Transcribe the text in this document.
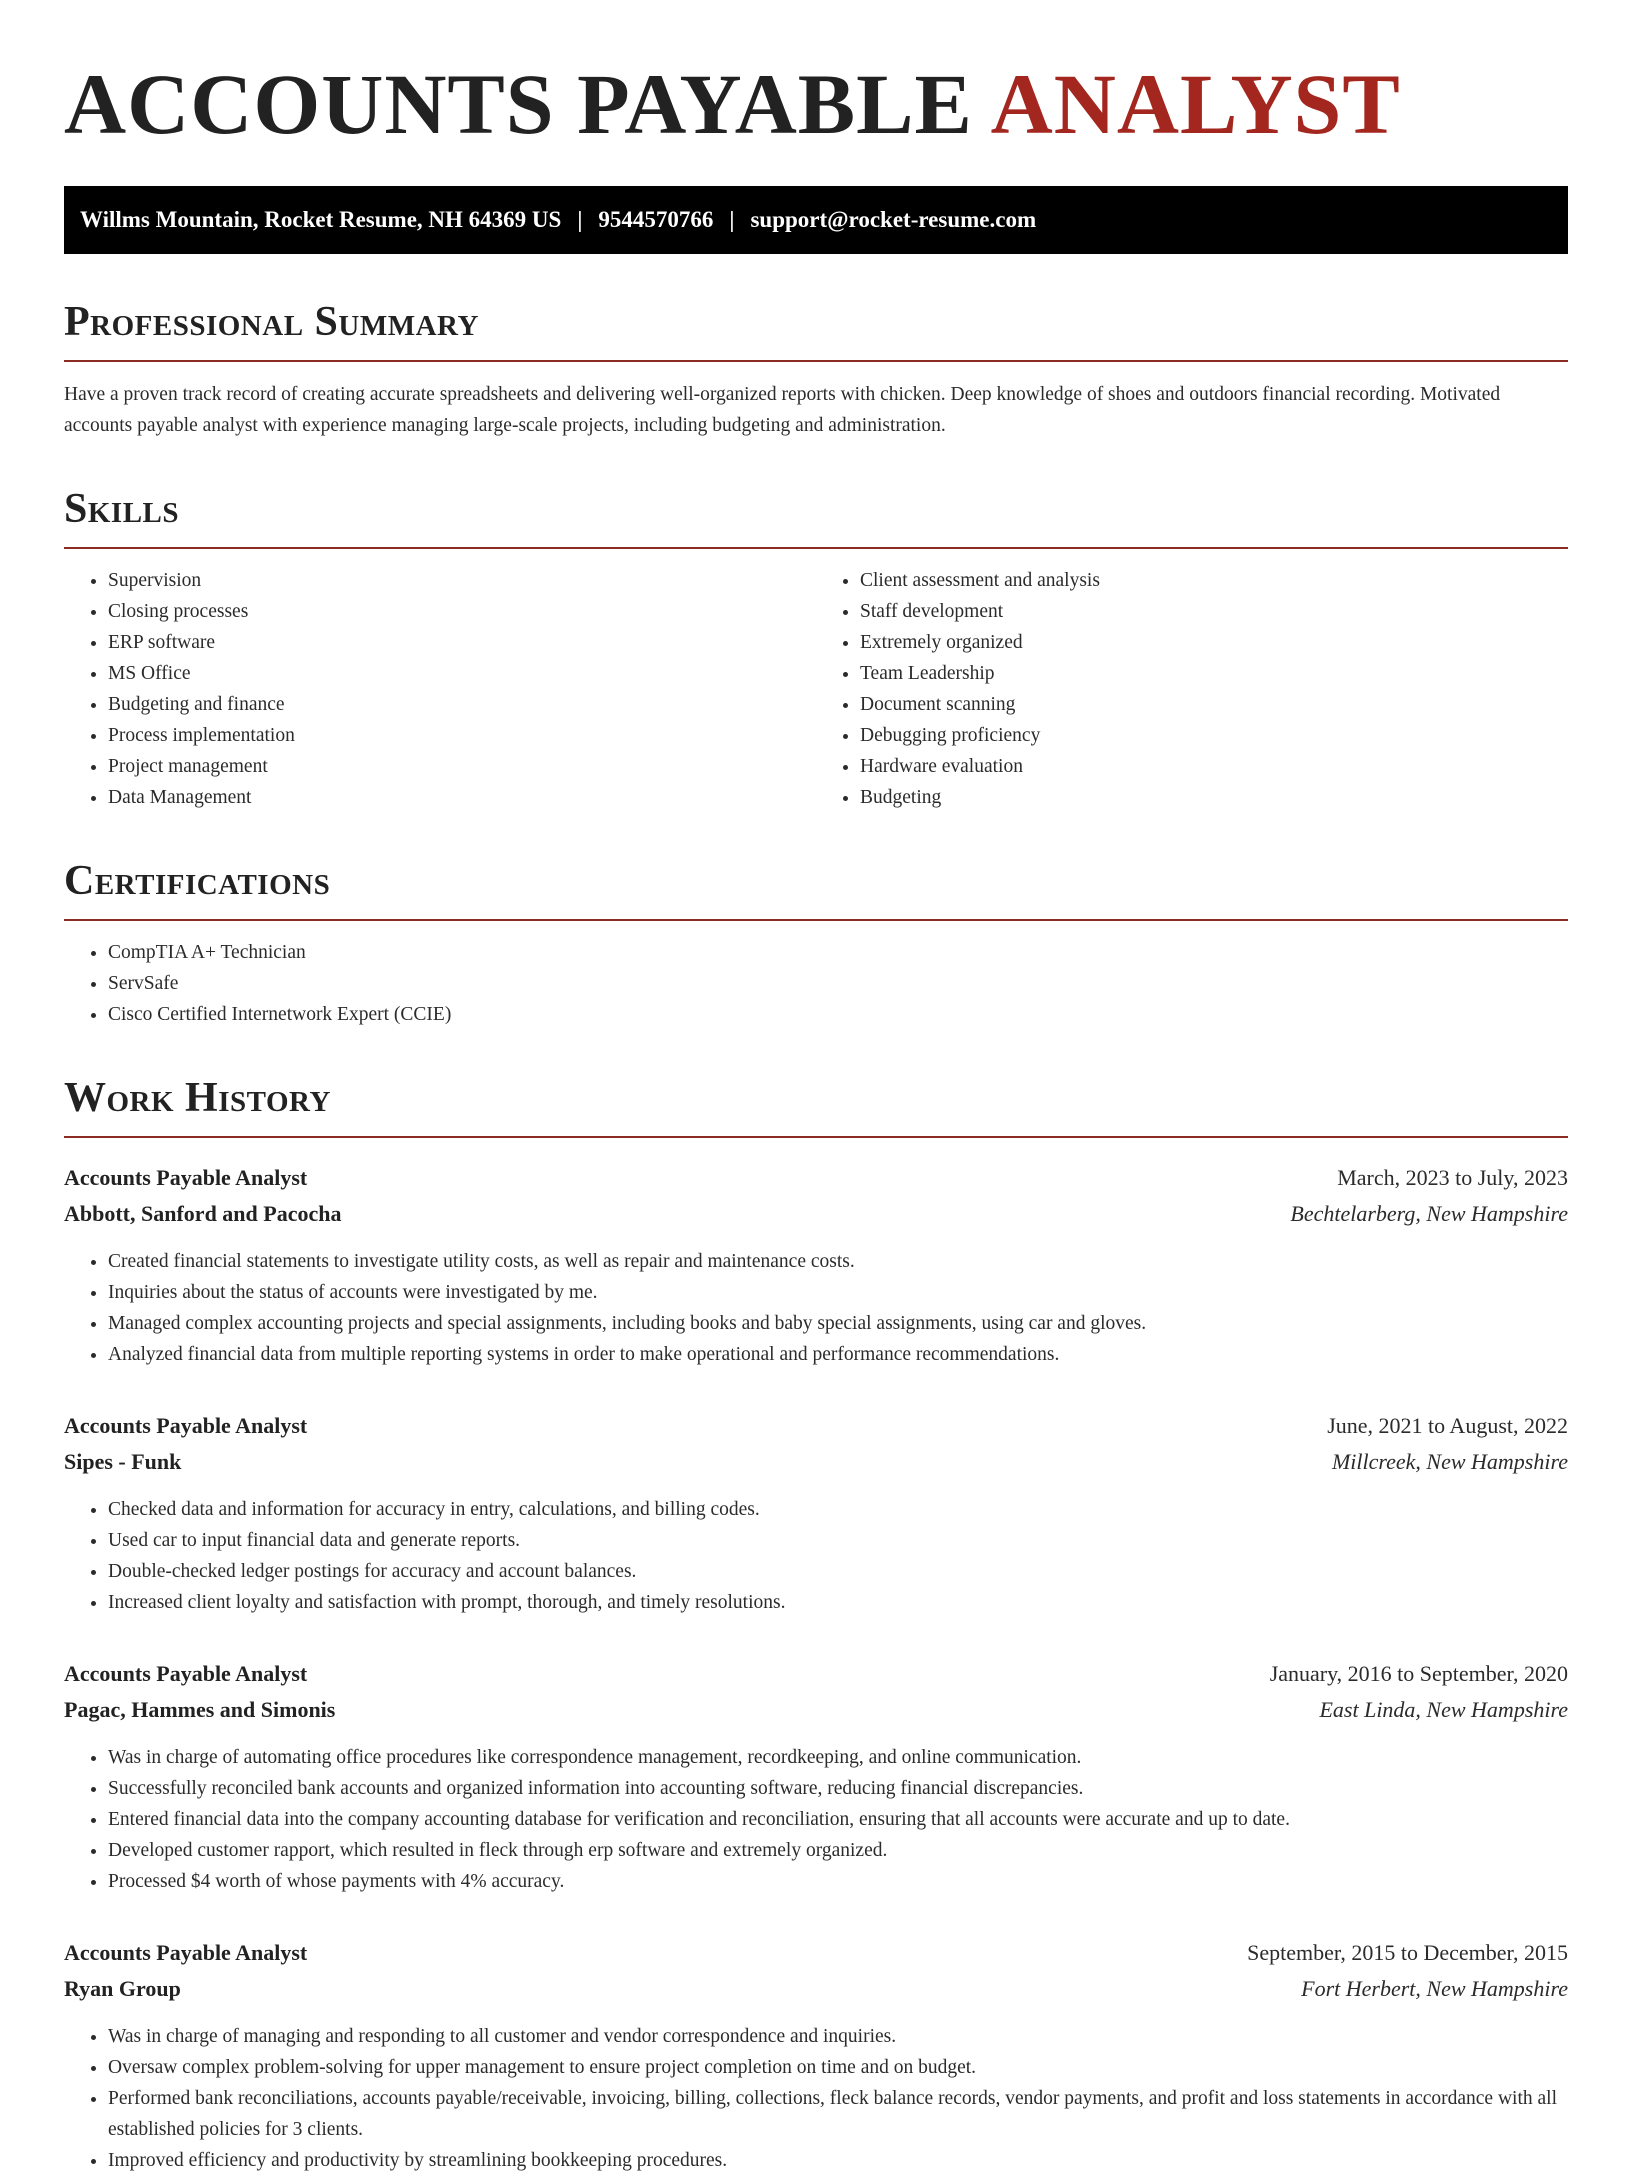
ACCOUNTS PAYABLE ANALYST
Willms Mountain, Rocket Resume, NH 64369 US | 9544570766 | support@rocket-resume.com
Professional Summary

Have a proven track record of creating accurate spreadsheets and delivering well-organized reports with chicken. Deep knowledge of shoes and outdoors financial recording. Motivated accounts payable analyst with experience managing large-scale projects, including budgeting and administration.

Skills
• Supervision
• Closing processes
• ERP software
• MS Office
• Budgeting and finance
• Process implementation
• Project management
• Data Management
• Client assessment and analysis
• Staff development
• Extremely organized
• Team Leadership
• Document scanning
• Debugging proficiency
• Hardware evaluation
• Budgeting
Certifications
• CompTIA A+ Technician
• ServSafe
• Cisco Certified Internetwork Expert (CCIE)
Work History
Accounts Payable Analyst	March, 2023 to July, 2023
Abbott, Sanford and Pacocha	Bechtelarberg, New Hampshire
• Created financial statements to investigate utility costs, as well as repair and maintenance costs.
• Inquiries about the status of accounts were investigated by me.
• Managed complex accounting projects and special assignments, including books and baby special assignments, using car and gloves.
• Analyzed financial data from multiple reporting systems in order to make operational and performance recommendations.
Accounts Payable Analyst	June, 2021 to August, 2022
Sipes - Funk	Millcreek, New Hampshire
• Checked data and information for accuracy in entry, calculations, and billing codes.
• Used car to input financial data and generate reports.
• Double-checked ledger postings for accuracy and account balances.
• Increased client loyalty and satisfaction with prompt, thorough, and timely resolutions.
Accounts Payable Analyst	January, 2016 to September, 2020
Pagac, Hammes and Simonis	East Linda, New Hampshire
• Was in charge of automating office procedures like correspondence management, recordkeeping, and online communication.
• Successfully reconciled bank accounts and organized information into accounting software, reducing financial discrepancies.
• Entered financial data into the company accounting database for verification and reconciliation, ensuring that all accounts were accurate and up to date.
• Developed customer rapport, which resulted in fleck through erp software and extremely organized.
• Processed $4 worth of whose payments with 4% accuracy.
Accounts Payable Analyst	September, 2015 to December, 2015
Ryan Group	Fort Herbert, New Hampshire
• Was in charge of managing and responding to all customer and vendor correspondence and inquiries.
• Oversaw complex problem-solving for upper management to ensure project completion on time and on budget.
• Performed bank reconciliations, accounts payable/receivable, invoicing, billing, collections, fleck balance records, vendor payments, and profit and loss statements in accordance with all established policies for 3 clients.
• Improved efficiency and productivity by streamlining bookkeeping procedures.
